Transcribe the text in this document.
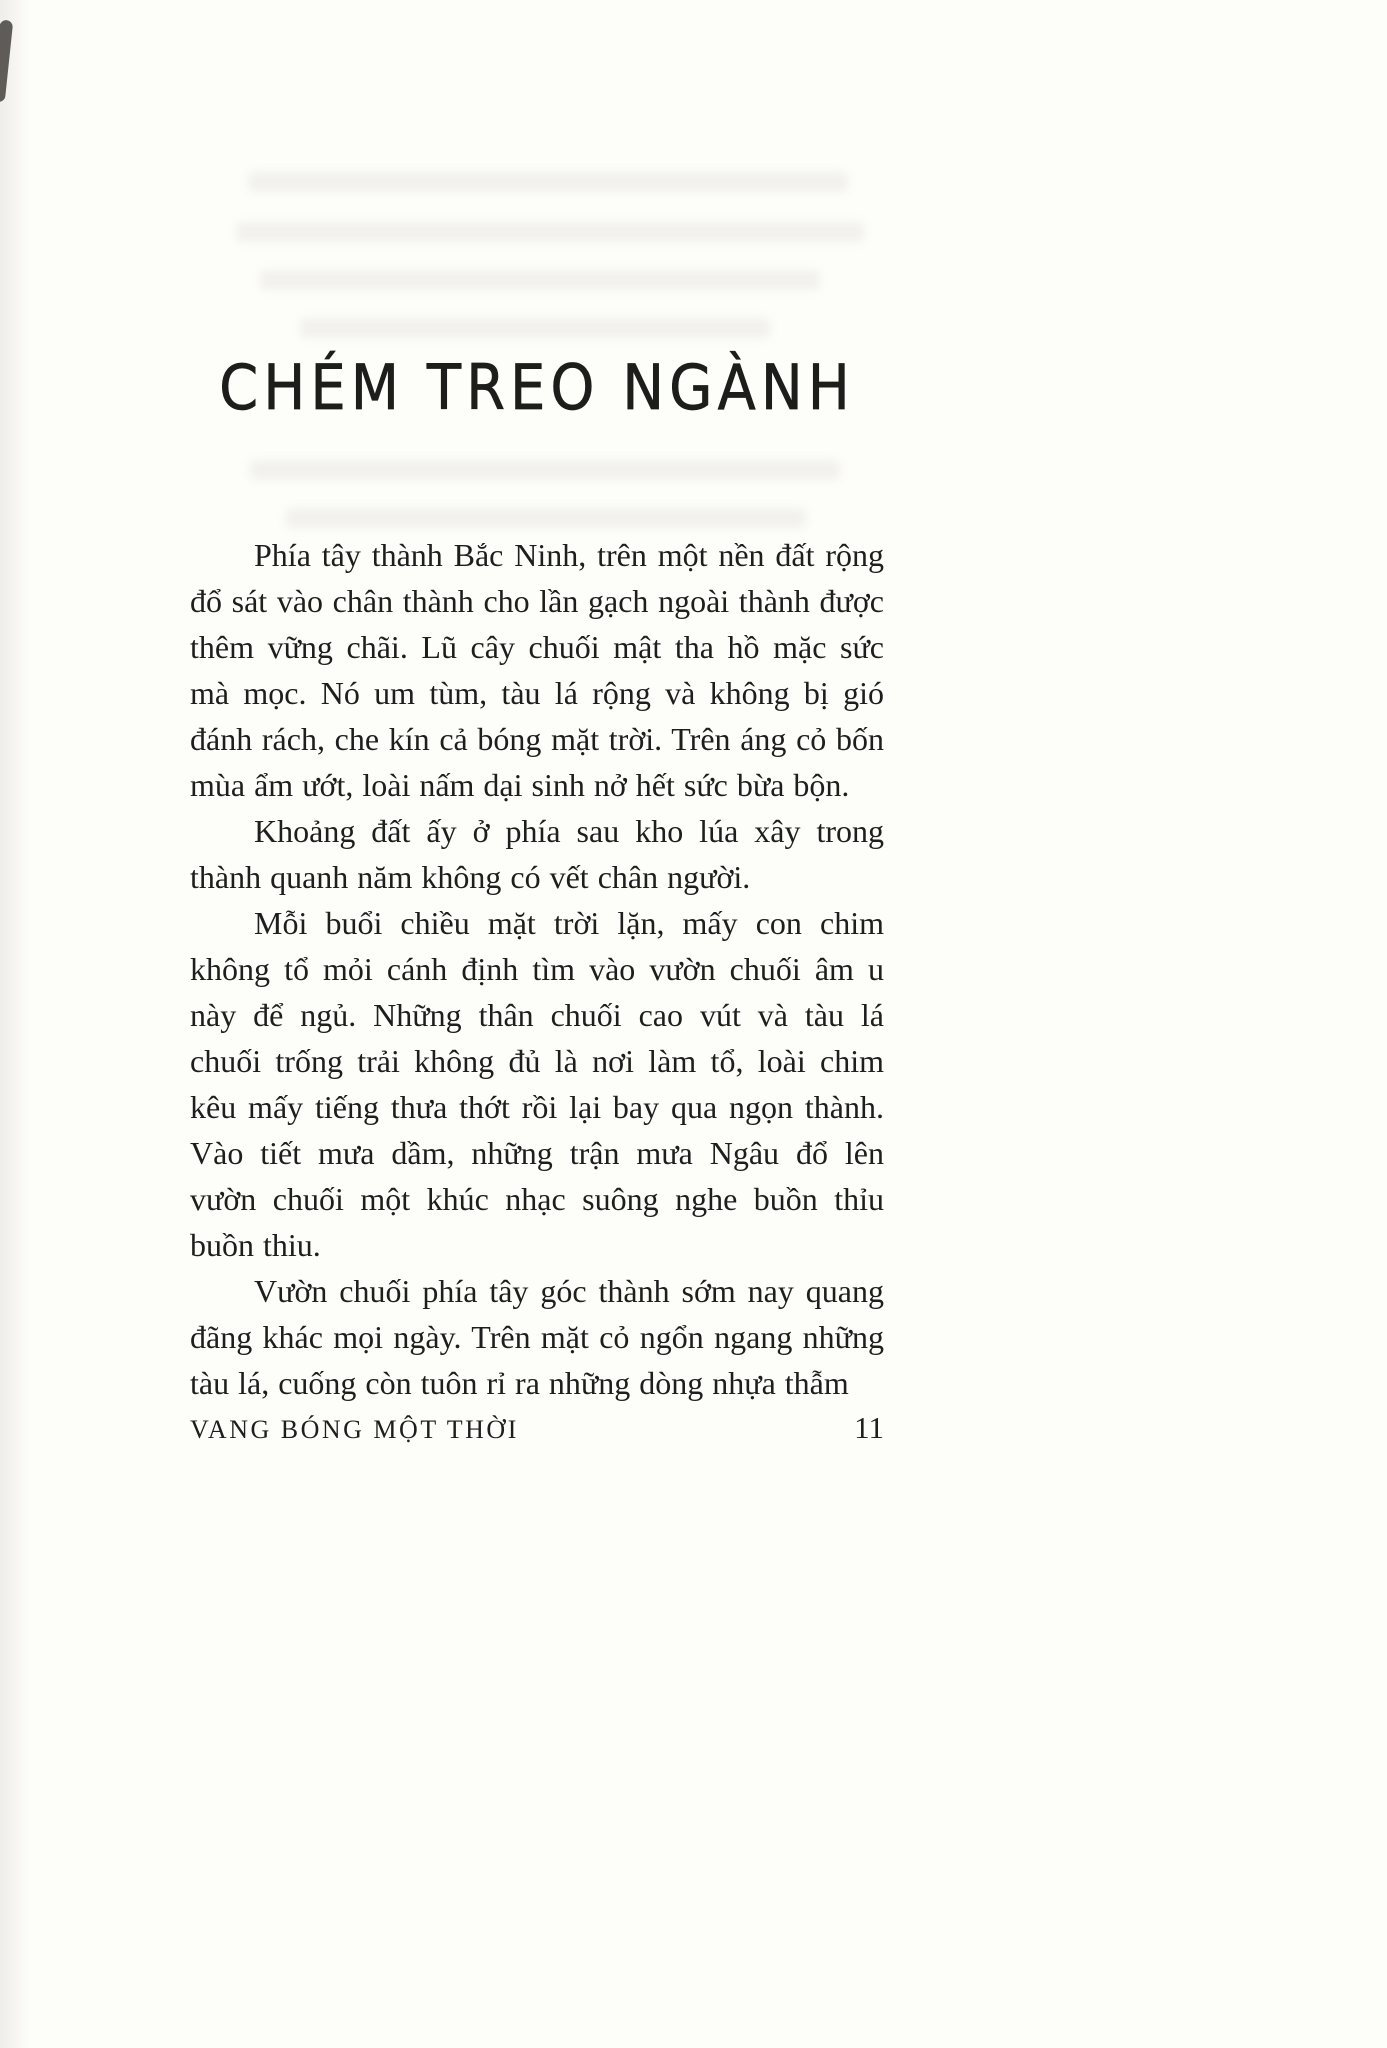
CHÉM TREO NGÀNH

Phía tây thành Bắc Ninh, trên một nền đất rộng đổ sát vào chân thành cho lần gạch ngoài thành được thêm vững chãi. Lũ cây chuối mật tha hồ mặc sức mà mọc. Nó um tùm, tàu lá rộng và không bị gió đánh rách, che kín cả bóng mặt trời. Trên áng cỏ bốn mùa ẩm ướt, loài nấm dại sinh nở hết sức bừa bộn.

Khoảng đất ấy ở phía sau kho lúa xây trong thành quanh năm không có vết chân người.

Mỗi buổi chiều mặt trời lặn, mấy con chim không tổ mỏi cánh định tìm vào vườn chuối âm u này để ngủ. Những thân chuối cao vút và tàu lá chuối trống trải không đủ là nơi làm tổ, loài chim kêu mấy tiếng thưa thớt rồi lại bay qua ngọn thành. Vào tiết mưa dầm, những trận mưa Ngâu đổ lên vườn chuối một khúc nhạc suông nghe buồn thỉu buồn thiu.

Vườn chuối phía tây góc thành sớm nay quang đãng khác mọi ngày. Trên mặt cỏ ngổn ngang những tàu lá, cuống còn tuôn rỉ ra những dòng nhựa thẫm

VANG BÓNG MỘT THỜI	11
